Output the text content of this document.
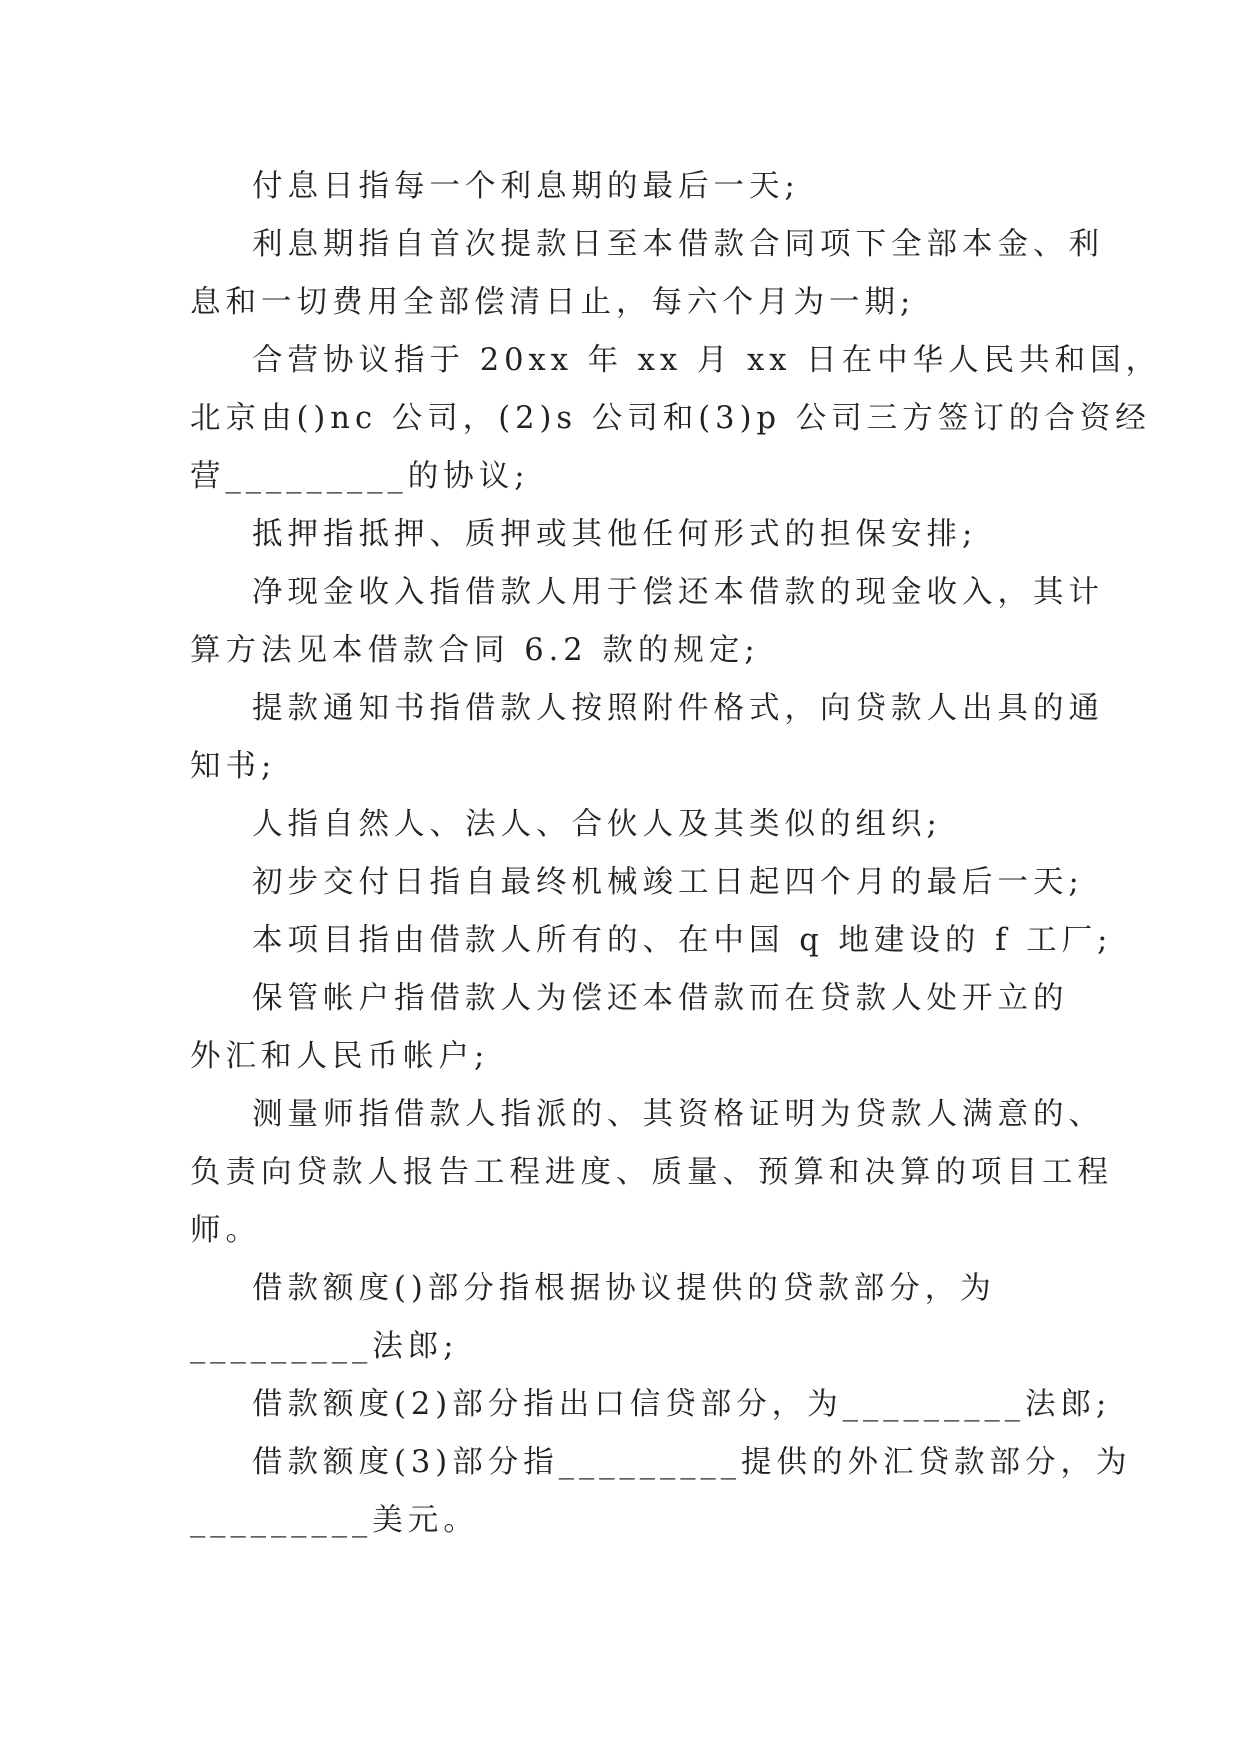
付息日指每一个利息期的最后一天;
利息期指自首次提款日至本借款合同项下全部本金、利
息和一切费用全部偿清日止，每六个月为一期;
合营协议指于 20xx 年 xx 月 xx 日在中华人民共和国，
北京由()nc 公司，(2)s 公司和(3)p 公司三方签订的合资经
营_________的协议;
抵押指抵押、质押或其他任何形式的担保安排;
净现金收入指借款人用于偿还本借款的现金收入，其计
算方法见本借款合同 6.2 款的规定;
提款通知书指借款人按照附件格式，向贷款人出具的通
知书;
人指自然人、法人、合伙人及其类似的组织;
初步交付日指自最终机械竣工日起四个月的最后一天;
本项目指由借款人所有的、在中国 q 地建设的 f 工厂;
保管帐户指借款人为偿还本借款而在贷款人处开立的
外汇和人民币帐户;
测量师指借款人指派的、其资格证明为贷款人满意的、
负责向贷款人报告工程进度、质量、预算和决算的项目工程
师。
借款额度()部分指根据协议提供的贷款部分，为
_________法郎;
借款额度(2)部分指出口信贷部分，为_________法郎;
借款额度(3)部分指_________提供的外汇贷款部分，为
_________美元。
